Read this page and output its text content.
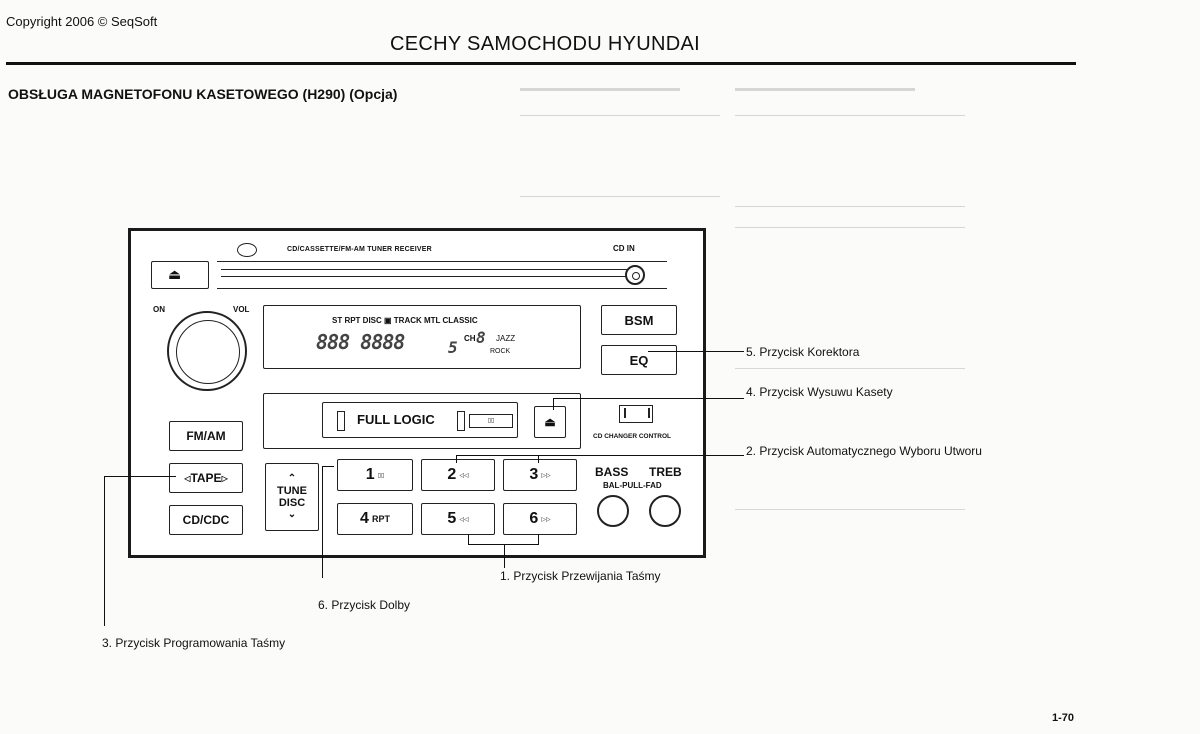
Copyright 2006 © SeqSoft
CECHY SAMOCHODU HYUNDAI
OBSŁUGA MAGNETOFONU KASETOWEGO (H290) (Opcja)
CD/CASSETTE/FM-AM TUNER RECEIVER	CD IN
⏏
ON	VOL
ST RPT DISC ▣ TRACK MTL CLASSIC
888 8888	5 CH 8 JAZZ
ROCK
BSM
EQ
FULL LOGIC	▯▯	⏏
CD CHANGER CONTROL
FM/AM
◁ TAPE ▷
CD/CDC
⌃
TUNE
DISC
⌄
1 ▯▯	2 ◁◁	3 ▷▷
4 RPT	5 ◁◁	6 ▷▷
BASS TREB
BAL-PULL-FAD
5. Przycisk Korektora
4. Przycisk Wysuwu Kasety
2. Przycisk Automatycznego Wyboru Utworu
1. Przycisk Przewijania Taśmy
6. Przycisk Dolby
3. Przycisk Programowania Taśmy
1-70
